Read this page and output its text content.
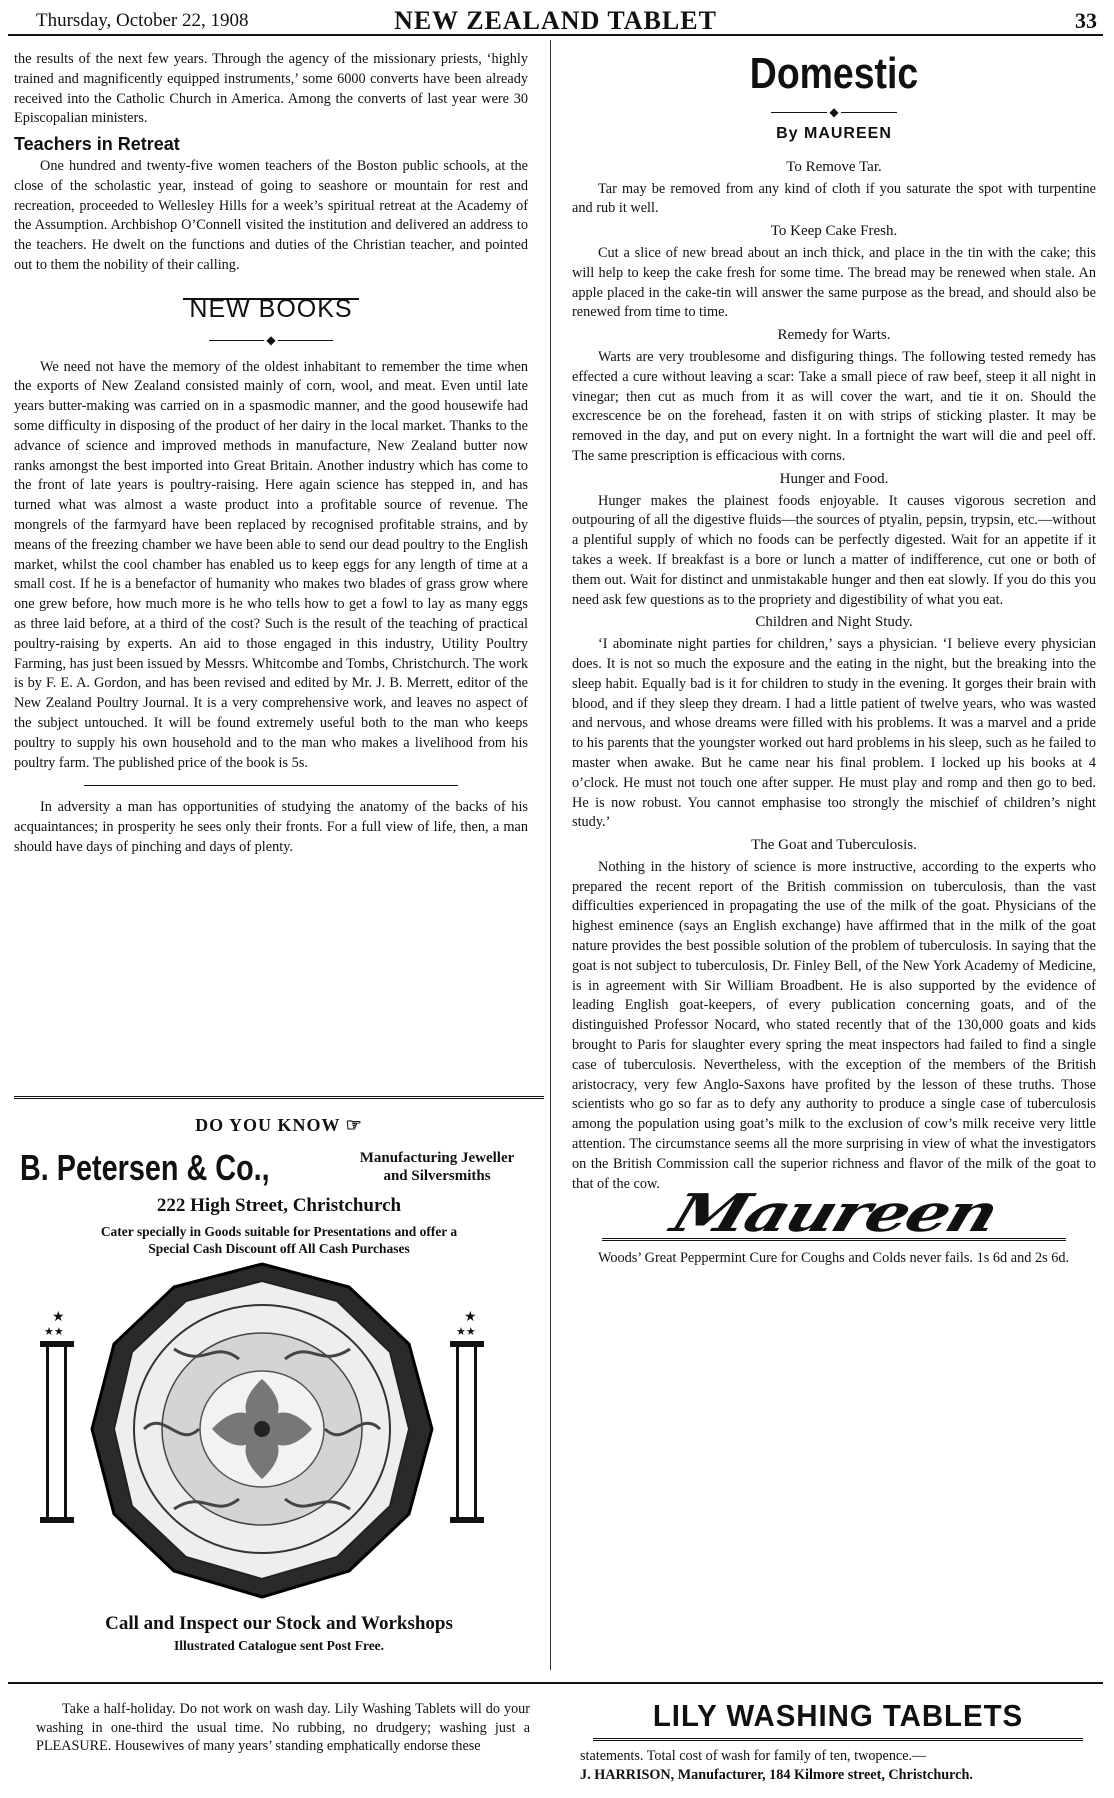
Thursday, October 22, 1908	NEW ZEALAND TABLET	33

the results of the next few years. Through the agency of the missionary priests, ‘highly trained and magnificently equipped instruments,’ some 6000 converts have been already received into the Catholic Church in America. Among the converts of last year were 30 Episcopalian ministers.

Teachers in Retreat

One hundred and twenty-five women teachers of the Boston public schools, at the close of the scholastic year, instead of going to seashore or mountain for rest and recreation, proceeded to Wellesley Hills for a week’s spiritual retreat at the Academy of the Assumption. Archbishop O’Connell visited the institution and delivered an address to the teachers. He dwelt on the functions and duties of the Christian teacher, and pointed out to them the nobility of their calling.

NEW BOOKS
◆

We need not have the memory of the oldest inhabitant to remember the time when the exports of New Zealand consisted mainly of corn, wool, and meat. Even until late years butter-making was carried on in a spasmodic manner, and the good housewife had some difficulty in disposing of the product of her dairy in the local market. Thanks to the advance of science and improved methods in manufacture, New Zealand butter now ranks amongst the best imported into Great Britain. Another industry which has come to the front of late years is poultry-raising. Here again science has stepped in, and has turned what was almost a waste product into a profitable source of revenue. The mongrels of the farmyard have been replaced by recognised profitable strains, and by means of the freezing chamber we have been able to send our dead poultry to the English market, whilst the cool chamber has enabled us to keep eggs for any length of time at a small cost. If he is a benefactor of humanity who makes two blades of grass grow where one grew before, how much more is he who tells how to get a fowl to lay as many eggs as three laid before, at a third of the cost? Such is the result of the teaching of practical poultry-raising by experts. An aid to those engaged in this industry, Utility Poultry Farming, has just been issued by Messrs. Whitcombe and Tombs, Christchurch. The work is by F. E. A. Gordon, and has been revised and edited by Mr. J. B. Merrett, editor of the New Zealand Poultry Journal. It is a very comprehensive work, and leaves no aspect of the subject untouched. It will be found extremely useful both to the man who keeps poultry to supply his own household and to the man who makes a livelihood from his poultry farm. The published price of the book is 5s.

In adversity a man has opportunities of studying the anatomy of the backs of his acquaintances; in prosperity he sees only their fronts. For a full view of life, then, a man should have days of pinching and days of plenty.

DO YOU KNOW ☞
B. Petersen & Co.,	Manufacturing Jeweller
and Silversmiths
222 High Street, Christchurch
Cater specially in Goods suitable for Presentations and offer a
Special Cash Discount off All Cash Purchases
★
★★
★
★★
Call and Inspect our Stock and Workshops
Illustrated Catalogue sent Post Free.
Domestic
◆
By MAUREEN
To Remove Tar.

Tar may be removed from any kind of cloth if you saturate the spot with turpentine and rub it well.

To Keep Cake Fresh.

Cut a slice of new bread about an inch thick, and place in the tin with the cake; this will help to keep the cake fresh for some time. The bread may be renewed when stale. An apple placed in the cake-tin will answer the same purpose as the bread, and should also be renewed from time to time.

Remedy for Warts.

Warts are very troublesome and disfiguring things. The following tested remedy has effected a cure without leaving a scar: Take a small piece of raw beef, steep it all night in vinegar; then cut as much from it as will cover the wart, and tie it on. Should the excrescence be on the forehead, fasten it on with strips of sticking plaster. It may be removed in the day, and put on every night. In a fortnight the wart will die and peel off. The same prescription is efficacious with corns.

Hunger and Food.

Hunger makes the plainest foods enjoyable. It causes vigorous secretion and outpouring of all the digestive fluids—the sources of ptyalin, pepsin, trypsin, etc.—without a plentiful supply of which no foods can be perfectly digested. Wait for an appetite if it takes a week. If breakfast is a bore or lunch a matter of indifference, cut one or both of them out. Wait for distinct and unmistakable hunger and then eat slowly. If you do this you need ask few questions as to the propriety and digestibility of what you eat.

Children and Night Study.

‘I abominate night parties for children,’ says a physician. ‘I believe every physician does. It is not so much the exposure and the eating in the night, but the breaking into the sleep habit. Equally bad is it for children to study in the evening. It gorges their brain with blood, and if they sleep they dream. I had a little patient of twelve years, who was wasted and nervous, and whose dreams were filled with his problems. It was a marvel and a pride to his parents that the youngster worked out hard problems in his sleep, such as he failed to master when awake. But he came near his final problem. I locked up his books at 4 o’clock. He must not touch one after supper. He must play and romp and then go to bed. He is now robust. You cannot emphasise too strongly the mischief of children’s night study.’

The Goat and Tuberculosis.

Nothing in the history of science is more instructive, according to the experts who prepared the recent report of the British commission on tuberculosis, than the vast difficulties experienced in propagating the use of the milk of the goat. Physicians of the highest eminence (says an English exchange) have affirmed that in the milk of the goat nature provides the best possible solution of the problem of tuberculosis. In saying that the goat is not subject to tuberculosis, Dr. Finley Bell, of the New York Academy of Medicine, is in agreement with Sir William Broadbent. He is also supported by the evidence of leading English goat-keepers, of every publication concerning goats, and of the distinguished Professor Nocard, who stated recently that of the 130,000 goats and kids brought to Paris for slaughter every spring the meat inspectors had failed to find a single case of tuberculosis. Nevertheless, with the exception of the members of the British aristocracy, very few Anglo-Saxons have profited by the lesson of these truths. Those scientists who go so far as to defy any authority to produce a single case of tuberculosis among the population using goat’s milk to the exclusion of cow’s milk receive very little attention. The circumstance seems all the more surprising in view of what the investigators on the British Commission call the superior richness and flavor of the milk of the goat to that of the cow. Maureen

Woods’ Great Peppermint Cure for Coughs and Colds never fails. 1s 6d and 2s 6d.

Take a half-holiday. Do not work on wash day. Lily Washing Tablets will do your washing in one-third the usual time. No rubbing, no drudgery; washing just a PLEASURE. Housewives of many years’ standing emphatically endorse these

LILY WASHING TABLETS
statements. Total cost of wash for family of ten, twopence.—
J. HARRISON, Manufacturer, 184 Kilmore street, Christchurch.
